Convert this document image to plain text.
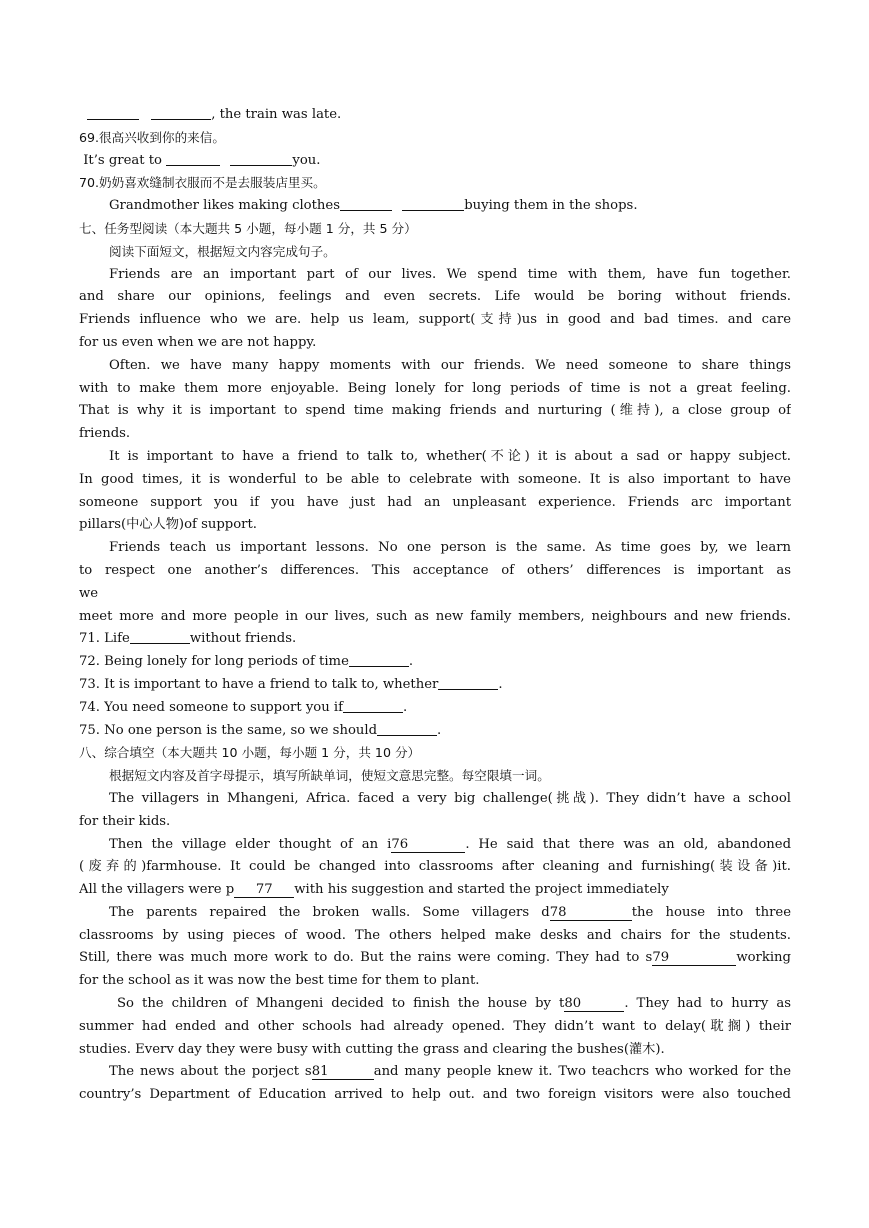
, the train was late.
69.很高兴收到你的来信。
It’s great to	you.
70.奶奶喜欢缝制衣服而不是去服装店里买。
Grandmother likes making clothes	buying them in the shops.
七、任务型阅读（本大题共 5 小题，每小题 1 分，共 5 分）
阅读下面短文，根据短文内容完成句子。
Friends are an important part of our lives. We spend time with them, have fun together.
and share our opinions, feelings and even secrets. Life would be boring without friends.
Friends influence who we are. help us leam, support(支持)us in good and bad times. and care
for us even when we are not happy.
Often. we have many happy moments with our friends. We need someone to share things
with to make them more enjoyable. Being lonely for long periods of time is not a great feeling.
That is why it is important to spend time making friends and nurturing (维持), a close group of
friends.
It is important to have a friend to talk to, whether(不论) it is about a sad or happy subject.
In good times, it is wonderful to be able to celebrate with someone. It is also important to have
someone support you if you have just had an unpleasant experience. Friends arc important
pillars(中心人物)of support.
Friends teach us important lessons. No one person is the same. As time goes by, we learn
to respect one another’s differences. This acceptance of others’ differences is important as
we
meet more and more people in our lives, such as new family members, neighbours and new friends.
71. Life	without friends.
72. Being lonely for long periods of time	.
73. It is important to have a friend to talk to, whether	.
74. You need someone to support you if	.
75. No one person is the same, so we should	.
八、综合填空（本大题共 10 小题，每小题 1 分，共 10 分）
根据短文内容及首字母提示，填写所缺单词，使短文意思完整。每空限填一词。
The villagers in Mhangeni, Africa. faced a very big challenge(挑战). They didn’t have a school
for their kids.
Then the village elder thought of an i76	. He said that there was an old, abandoned
(废弃的)farmhouse. It could be changed into classrooms after cleaning and furnishing(装设备)it.
All the villagers were p 77 with his suggestion and started the project immediately
The parents repaired the broken walls. Some villagers d78	the house into three
classrooms by using pieces of wood. The others helped make desks and chairs for the students.
Still, there was much more work to do. But the rains were coming. They had to s79	working
for the school as it was now the best time for them to plant.
So the children of Mhangeni decided to finish the house by t80	. They had to hurry as
summer had ended and other schools had already opened. They didn’t want to delay(耽搁) their
studies. Everv day they were busy with cutting the grass and clearing the bushes(灌木).
The news about the porject s81	and many people knew it. Two teachcrs who worked for the
country’s Department of Education arrived to help out. and two foreign visitors were also touched
